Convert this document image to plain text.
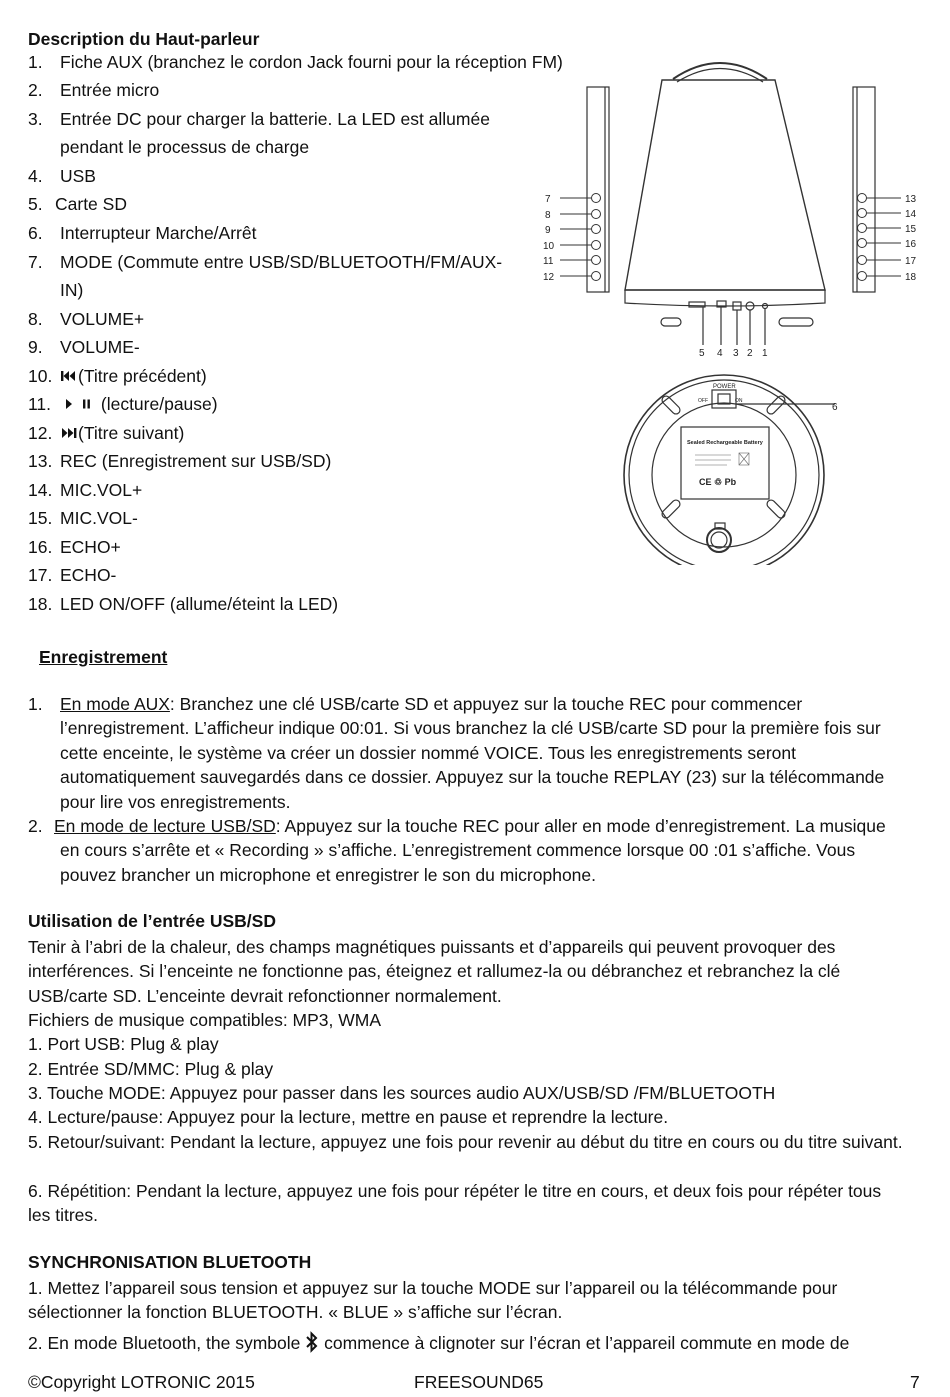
Description du Haut-parleur
1. Fiche AUX (branchez le cordon Jack fourni pour la réception FM)
2. Entrée micro
3. Entrée DC pour charger la batterie. La LED est allumée
pendant le processus de charge
4. USB
5. Carte SD
6. Interrupteur Marche/Arrêt
7. MODE (Commute entre USB/SD/BLUETOOTH/FM/AUX-
IN)
8. VOLUME+
9. VOLUME-
10.	(Titre précédent)
11.	(lecture/pause)
12.	(Titre suivant)
13. REC (Enregistrement sur USB/SD)
14. MIC.VOL+
15. MIC.VOL-
16. ECHO+
17. ECHO-
18. LED ON/OFF (allume/éteint la LED)
7
8
9
10
11
12
13
14
15
16
17
18
5 4 3 2 1
POWER
OFF	ON
Sealed Rechargeable Battery
CE ♲ Pb
6
Enregistrement
1. En mode AUX: Branchez une clé USB/carte SD et appuyez sur la touche REC pour commencer l’enregistrement. L’afficheur indique 00:01. Si vous branchez la clé USB/carte SD pour la première fois sur cette enceinte, le système va créer un dossier nommé VOICE. Tous les enregistrements seront automatiquement sauvegardés dans ce dossier. Appuyez sur la touche REPLAY (23) sur la télécommande pour lire vos enregistrements.
2. En mode de lecture USB/SD: Appuyez sur la touche REC pour aller en mode d’enregistrement. La musique en cours s’arrête et « Recording » s’affiche. L’enregistrement commence lorsque 00 :01 s’affiche. Vous pouvez brancher un microphone et enregistrer le son du microphone.
Utilisation de l’entrée USB/SD
Tenir à l’abri de la chaleur, des champs magnétiques puissants et d’appareils qui peuvent provoquer des interférences. Si l’enceinte ne fonctionne pas, éteignez et rallumez-la ou débranchez et rebranchez la clé USB/carte SD. L’enceinte devrait refonctionner normalement.
Fichiers de musique compatibles: MP3, WMA
1. Port USB: Plug & play
2. Entrée SD/MMC: Plug & play
3. Touche MODE: Appuyez pour passer dans les sources audio AUX/USB/SD /FM/BLUETOOTH
4. Lecture/pause: Appuyez pour la lecture, mettre en pause et reprendre la lecture.
5. Retour/suivant: Pendant la lecture, appuyez une fois pour revenir au début du titre en cours ou du titre suivant.
6. Répétition: Pendant la lecture, appuyez une fois pour répéter le titre en cours, et deux fois pour répéter tous les titres.
SYNCHRONISATION BLUETOOTH
1. Mettez l’appareil sous tension et appuyez sur la touche MODE sur l’appareil ou la télécommande pour sélectionner la fonction BLUETOOTH. « BLUE » s’affiche sur l’écran.
2. En mode Bluetooth, the symbole commence à clignoter sur l’écran et l’appareil commute en mode de
©Copyright LOTRONIC 2015	FREESOUND65	7
